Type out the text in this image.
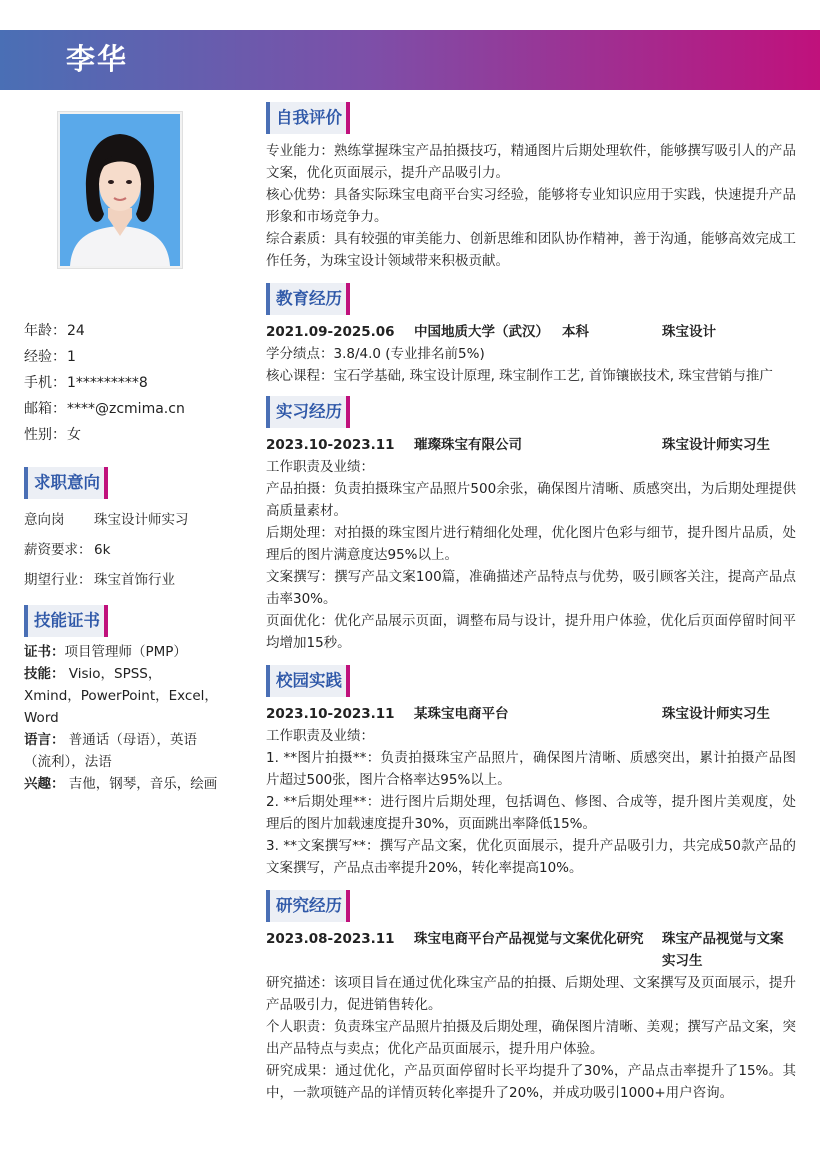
李华
年龄：24
经验：1
手机：1*********8
邮箱：****@zcmima.cn
性别：女
求职意向
意向岗 珠宝设计师实习
薪资要求： 6k
期望行业： 珠宝首饰行业
技能证书

证书：项目管理师（PMP）

技能： Visio，SPSS，Xmind，PowerPoint，Excel，Word

语言： 普通话（母语），英语（流利），法语

兴趣： 吉他，钢琴，音乐，绘画

自我评价

专业能力：熟练掌握珠宝产品拍摄技巧，精通图片后期处理软件，能够撰写吸引人的产品文案，优化页面展示，提升产品吸引力。

核心优势：具备实际珠宝电商平台实习经验，能够将专业知识应用于实践，快速提升产品形象和市场竞争力。

综合素质：具有较强的审美能力、创新思维和团队协作精神，善于沟通，能够高效完成工作任务，为珠宝设计领域带来积极贡献。

教育经历
2021.09-2025.06 中国地质大学（武汉） 本科	珠宝设计

学分绩点：3.8/4.0 (专业排名前5%)

核心课程：宝石学基础, 珠宝设计原理, 珠宝制作工艺, 首饰镶嵌技术, 珠宝营销与推广

实习经历
2023.10-2023.11 璀璨珠宝有限公司	珠宝设计师实习生

工作职责及业绩：

产品拍摄：负责拍摄珠宝产品照片500余张，确保图片清晰、质感突出，为后期处理提供高质量素材。

后期处理：对拍摄的珠宝图片进行精细化处理，优化图片色彩与细节，提升图片品质，处理后的图片满意度达95%以上。

文案撰写：撰写产品文案100篇，准确描述产品特点与优势，吸引顾客关注，提高产品点击率30%。

页面优化：优化产品展示页面，调整布局与设计，提升用户体验，优化后页面停留时间平均增加15秒。

校园实践
2023.10-2023.11 某珠宝电商平台	珠宝设计师实习生

工作职责及业绩：

1. **图片拍摄**：负责拍摄珠宝产品照片，确保图片清晰、质感突出，累计拍摄产品图片超过500张，图片合格率达95%以上。

2. **后期处理**：进行图片后期处理，包括调色、修图、合成等，提升图片美观度，处理后的图片加载速度提升30%，页面跳出率降低15%。

3. **文案撰写**：撰写产品文案，优化页面展示，提升产品吸引力，共完成50款产品的文案撰写，产品点击率提升20%，转化率提高10%。

研究经历
2023.08-2023.11 珠宝电商平台产品视觉与文案优化研究 珠宝产品视觉与文案实习生

研究描述：该项目旨在通过优化珠宝产品的拍摄、后期处理、文案撰写及页面展示，提升产品吸引力，促进销售转化。

个人职责：负责珠宝产品照片拍摄及后期处理，确保图片清晰、美观；撰写产品文案，突出产品特点与卖点；优化产品页面展示，提升用户体验。

研究成果：通过优化，产品页面停留时长平均提升了30%，产品点击率提升了15%。其中，一款项链产品的详情页转化率提升了20%，并成功吸引1000+用户咨询。
